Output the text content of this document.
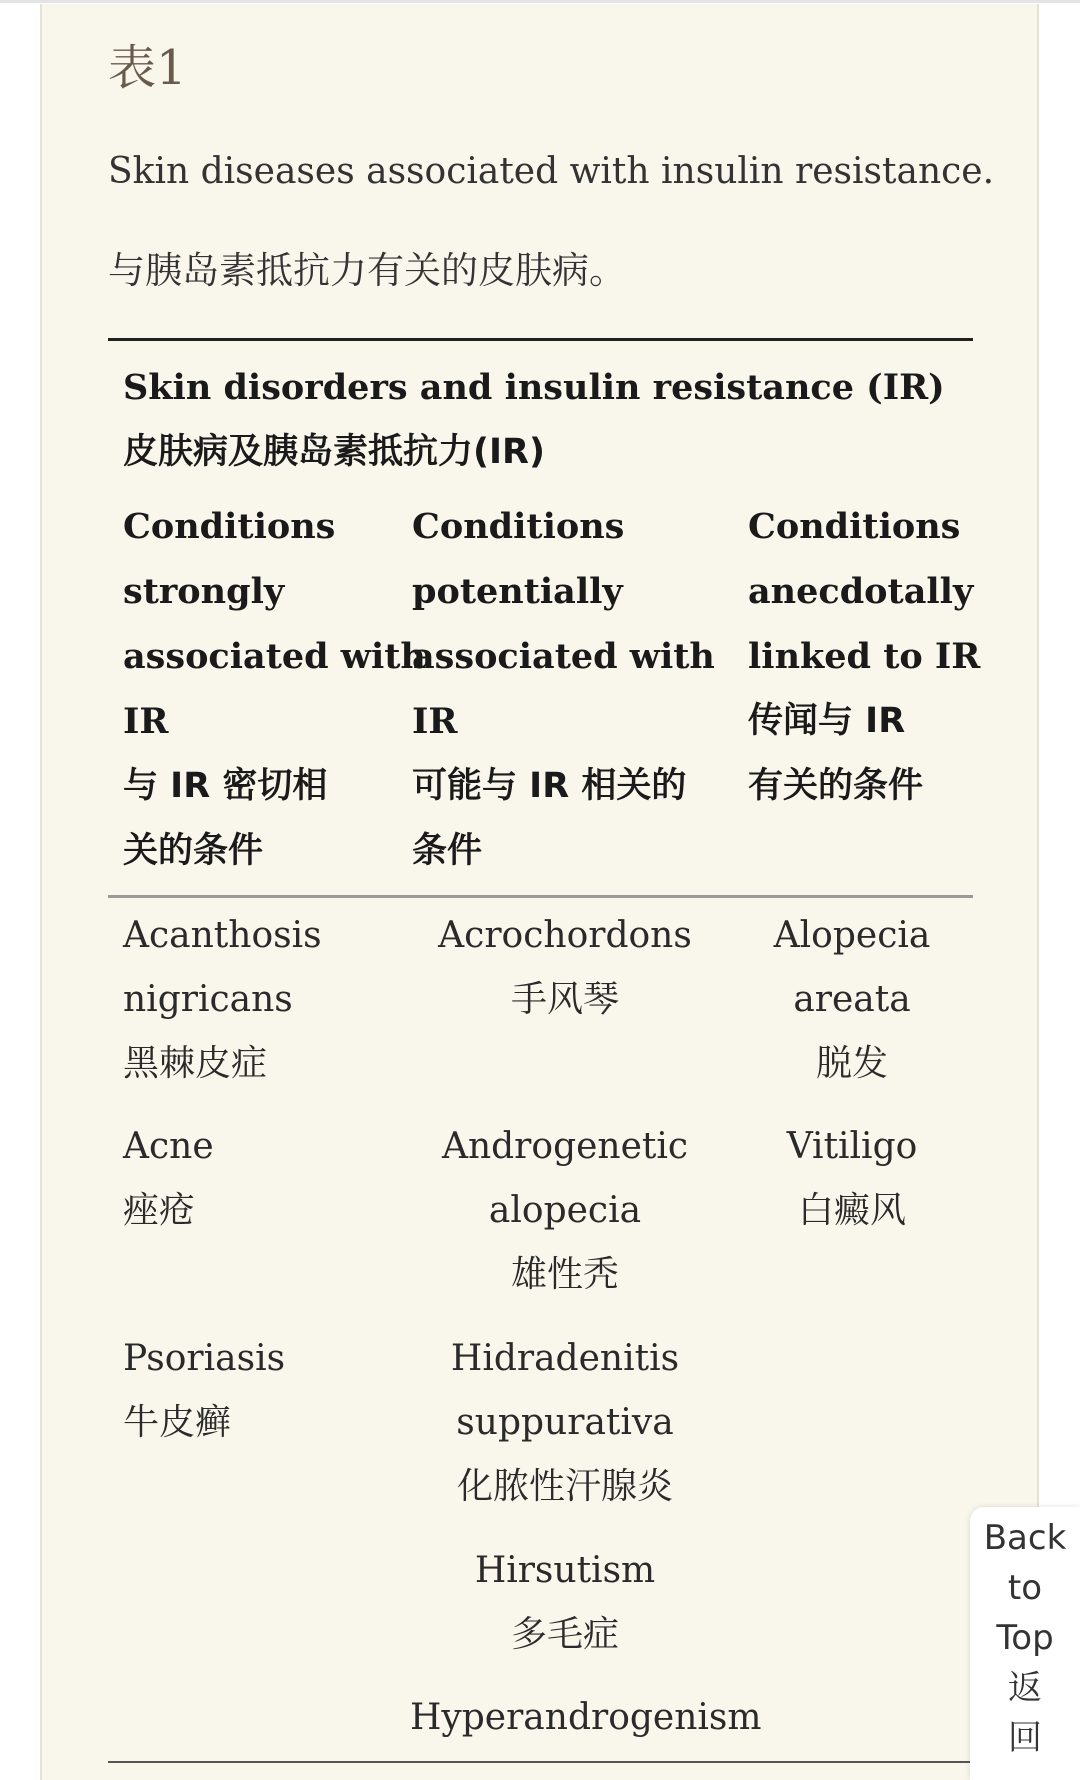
表1
Skin diseases associated with insulin resistance.
与胰岛素抵抗力有关的皮肤病。
Skin disorders and insulin resistance (IR)
皮肤病及胰岛素抵抗力(IR)
Conditions
strongly
associated with
IR
与 IR 密切相
关的条件
Conditions
potentially
associated with
IR
可能与 IR 相关的
条件
Conditions
anecdotally
linked to IR
传闻与 IR
有关的条件
Acanthosis
nigricans
黑棘皮症
Acne
痤疮
Psoriasis
牛皮癣
Acrochordons
手风琴
Androgenetic
alopecia
雄性秃
Hidradenitis
suppurativa
化脓性汗腺炎
Hirsutism
多毛症
Hyperandrogenism
Alopecia
areata
脱发
Vitiligo
白癜风
Back
to
Top
返
回
